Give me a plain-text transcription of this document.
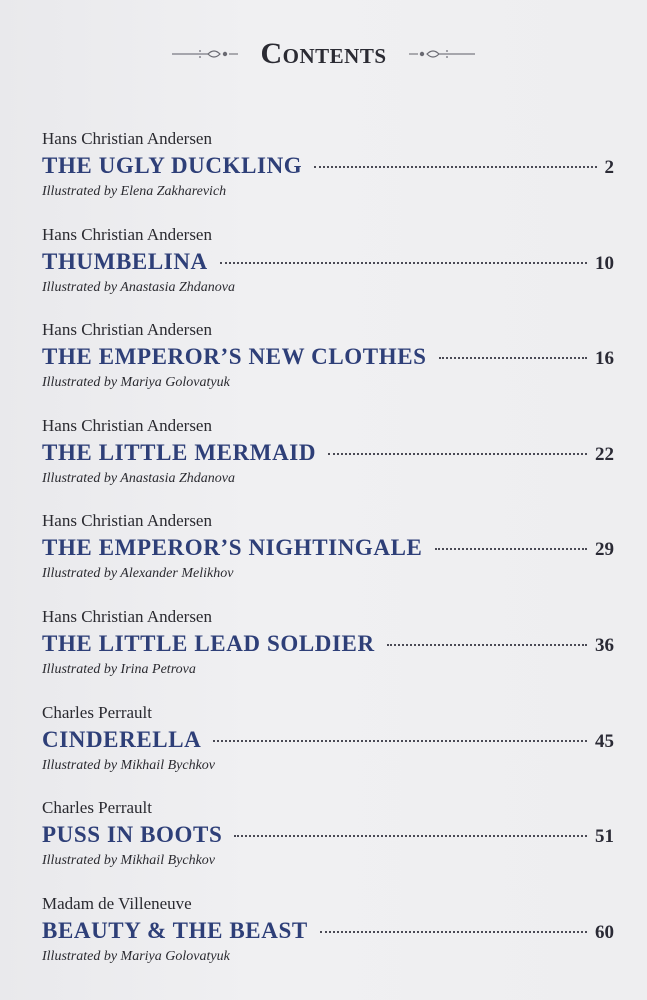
Contents
Hans Christian Andersen
THE UGLY DUCKLING	2
Illustrated by Elena Zakharevich
Hans Christian Andersen
THUMBELINA	10
Illustrated by Anastasia Zhdanova
Hans Christian Andersen
THE EMPEROR’S NEW CLOTHES	16
Illustrated by Mariya Golovatyuk
Hans Christian Andersen
THE LITTLE MERMAID	22
Illustrated by Anastasia Zhdanova
Hans Christian Andersen
THE EMPEROR’S NIGHTINGALE	29
Illustrated by Alexander Melikhov
Hans Christian Andersen
THE LITTLE LEAD SOLDIER	36
Illustrated by Irina Petrova
Charles Perrault
CINDERELLA	45
Illustrated by Mikhail Bychkov
Charles Perrault
PUSS IN BOOTS	51
Illustrated by Mikhail Bychkov
Madam de Villeneuve
BEAUTY & THE BEAST	60
Illustrated by Mariya Golovatyuk
